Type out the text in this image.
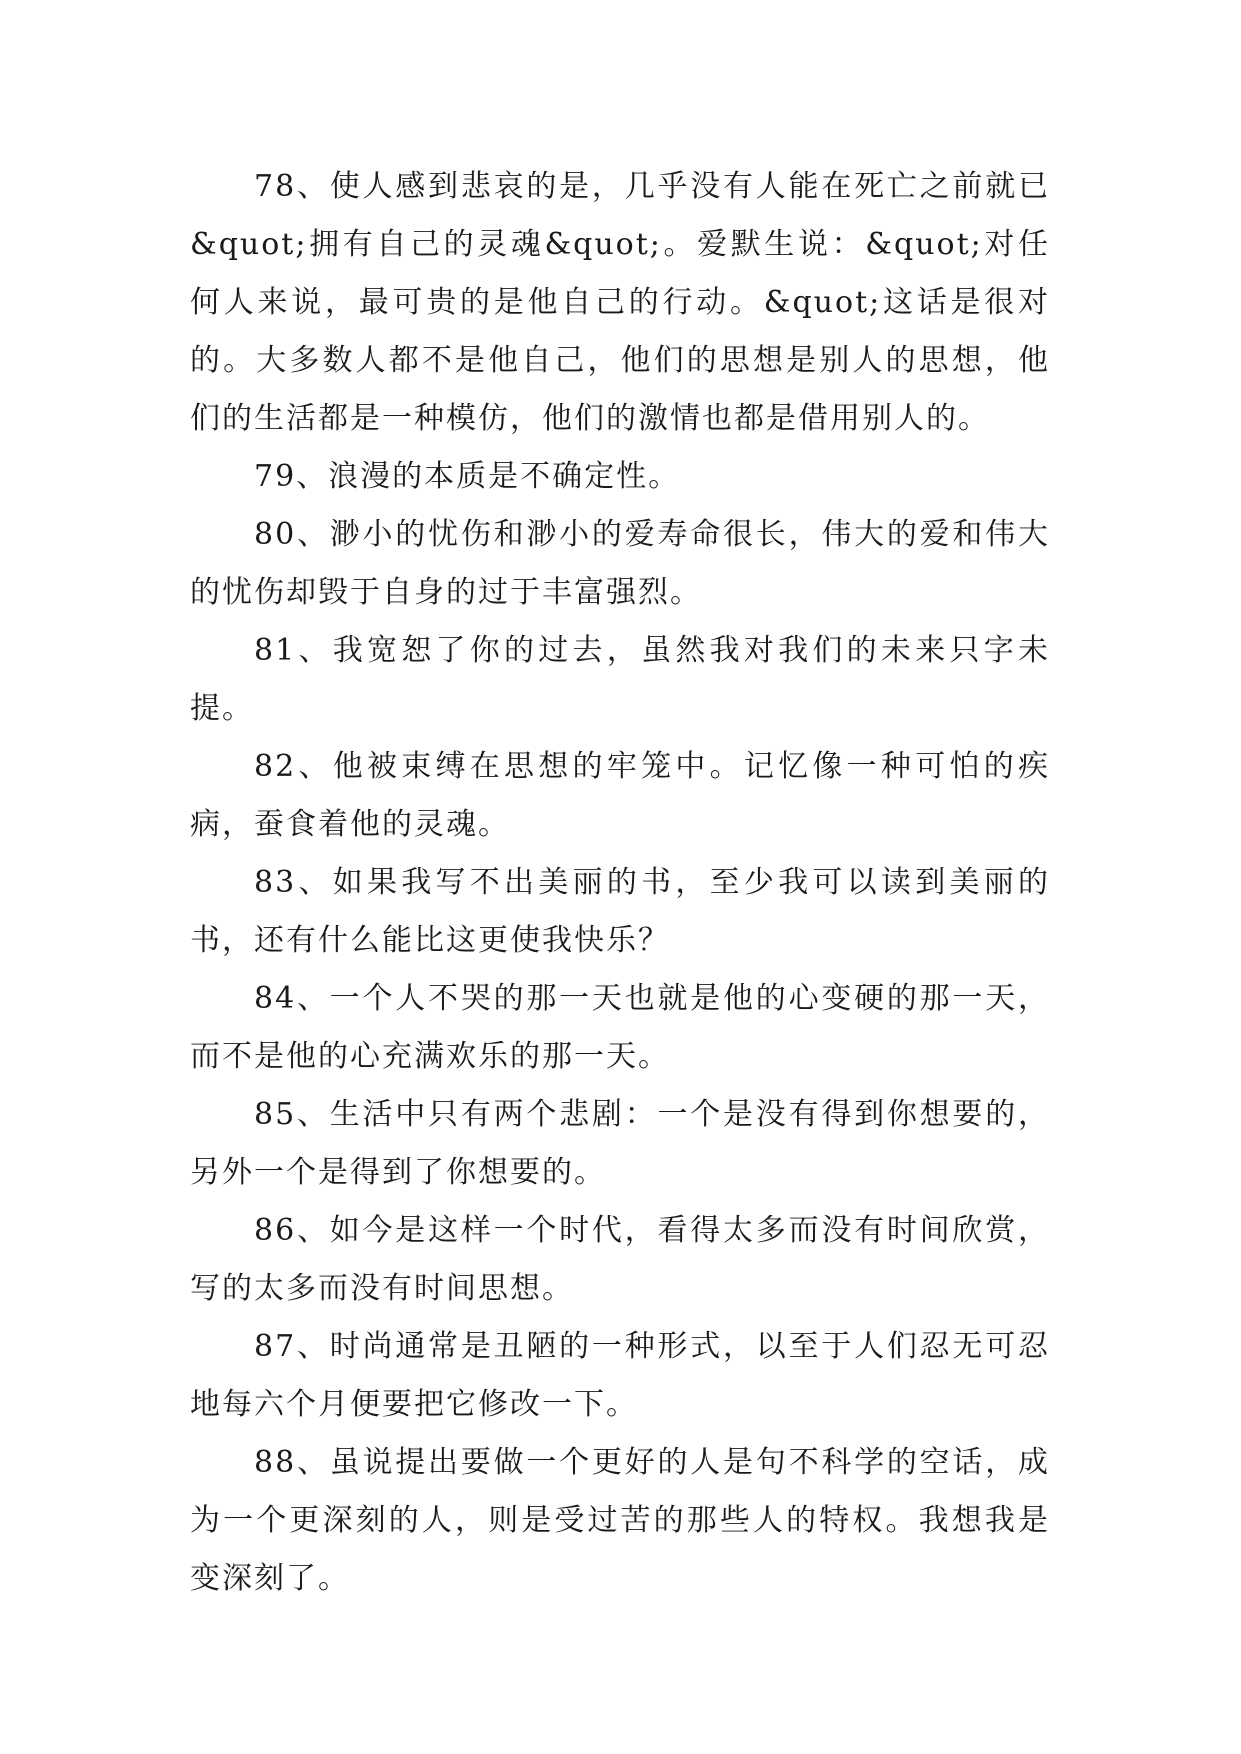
78、使人感到悲哀的是，几乎没有人能在死亡之前就已&quot;拥有自己的灵魂&quot;。爱默生说：&quot;对任何人来说，最可贵的是他自己的行动。&quot;这话是很对的。大多数人都不是他自己，他们的思想是别人的思想，他们的生活都是一种模仿，他们的激情也都是借用别人的。

79、浪漫的本质是不确定性。

80、渺小的忧伤和渺小的爱寿命很长，伟大的爱和伟大的忧伤却毁于自身的过于丰富强烈。

81、我宽恕了你的过去，虽然我对我们的未来只字未提。

82、他被束缚在思想的牢笼中。记忆像一种可怕的疾病，蚕食着他的灵魂。

83、如果我写不出美丽的书，至少我可以读到美丽的书，还有什么能比这更使我快乐？

84、一个人不哭的那一天也就是他的心变硬的那一天，而不是他的心充满欢乐的那一天。

85、生活中只有两个悲剧：一个是没有得到你想要的，另外一个是得到了你想要的。

86、如今是这样一个时代，看得太多而没有时间欣赏，写的太多而没有时间思想。

87、时尚通常是丑陋的一种形式，以至于人们忍无可忍地每六个月便要把它修改一下。

88、虽说提出要做一个更好的人是句不科学的空话，成为一个更深刻的人，则是受过苦的那些人的特权。我想我是变深刻了。
